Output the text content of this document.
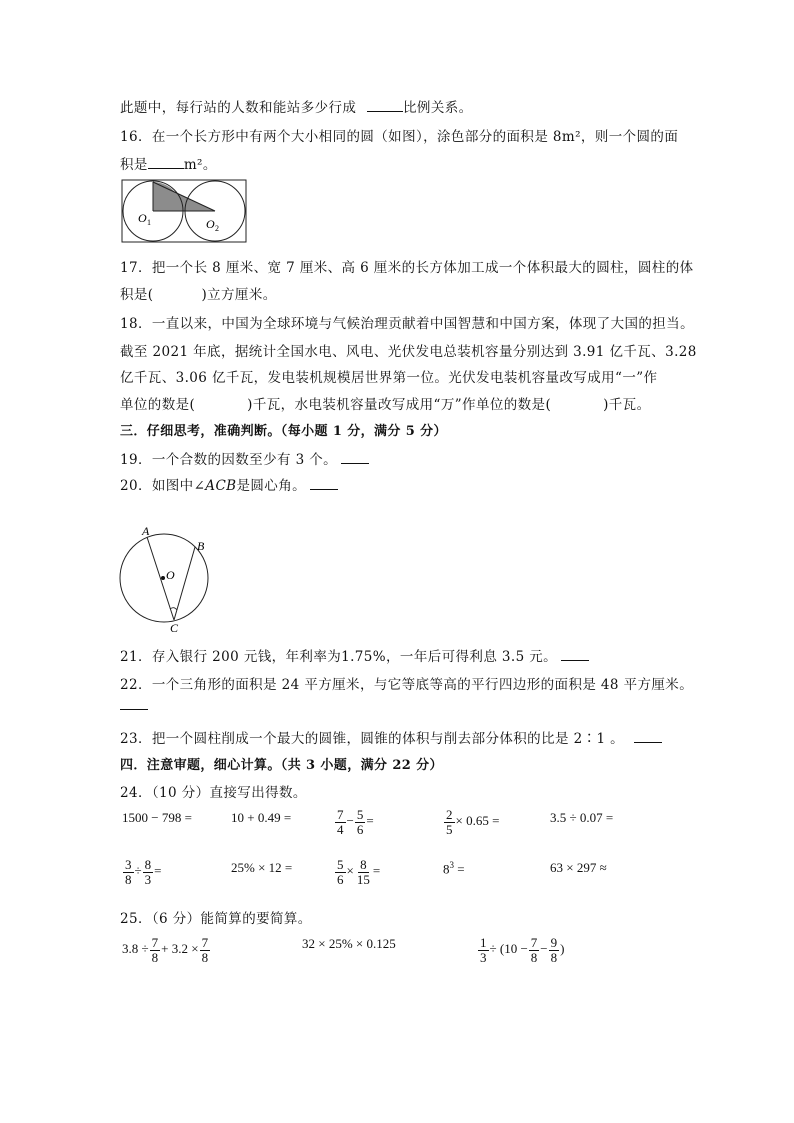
此题中，每行站的人数和能站多少行成	比例关系。
16．在一个长方形中有两个大小相同的圆（如图），涂色部分的面积是 8m²，则一个圆的面
积是	m²。
O 1	O 2
17．把一个长 8 厘米、宽 7 厘米、高 6 厘米的长方体加工成一个体积最大的圆柱，圆柱的体
积是(	)立方厘米。
18．一直以来，中国为全球环境与气候治理贡献着中国智慧和中国方案，体现了大国的担当。
截至 2021 年底，据统计全国水电、风电、光伏发电总装机容量分别达到 3.91 亿千瓦、3.28
亿千瓦、3.06 亿千瓦，发电装机规模居世界第一位。光伏发电装机容量改写成用“一”作
单位的数是(	)千瓦，水电装机容量改写成用“万”作单位的数是(	)千瓦。
三．仔细思考，准确判断。（每小题 1 分，满分 5 分）
19．一个合数的因数至少有 3 个。
20．如图中∠ACB是圆心角。
A
B
O
C
21．存入银行 200 元钱，年利率为1.75%，一年后可得利息 3.5 元。
22．一个三角形的面积是 24 平方厘米，与它等底等高的平行四边形的面积是 48 平方厘米。
23．把一个圆柱削成一个最大的圆锥，圆锥的体积与削去部分体积的比是 2∶1 。
四．注意审题，细心计算。（共 3 小题，满分 22 分）
24．（10 分）直接写出得数。
1500 − 798 =	10 + 0.49 =	$\frac{7}{4} - \frac{5}{6}$ =	$\frac{2}{5} \times 0.65$ =	3.5 ÷ 0.07 =
$\frac{3}{8} \div \frac{8}{3}$ =	25% × 12 =	$\frac{5}{6} \times \frac{8}{15}$ =	$8^3$ =	63 × 297 ≈
25．（6 分）能简算的要简算。
$3.8 \div \frac{7}{8} + 3.2 \times \frac{7}{8}$	32 × 25% × 0.125	$\frac{1}{3} \div (10 - \frac{7}{8} - \frac{9}{8}$ )
